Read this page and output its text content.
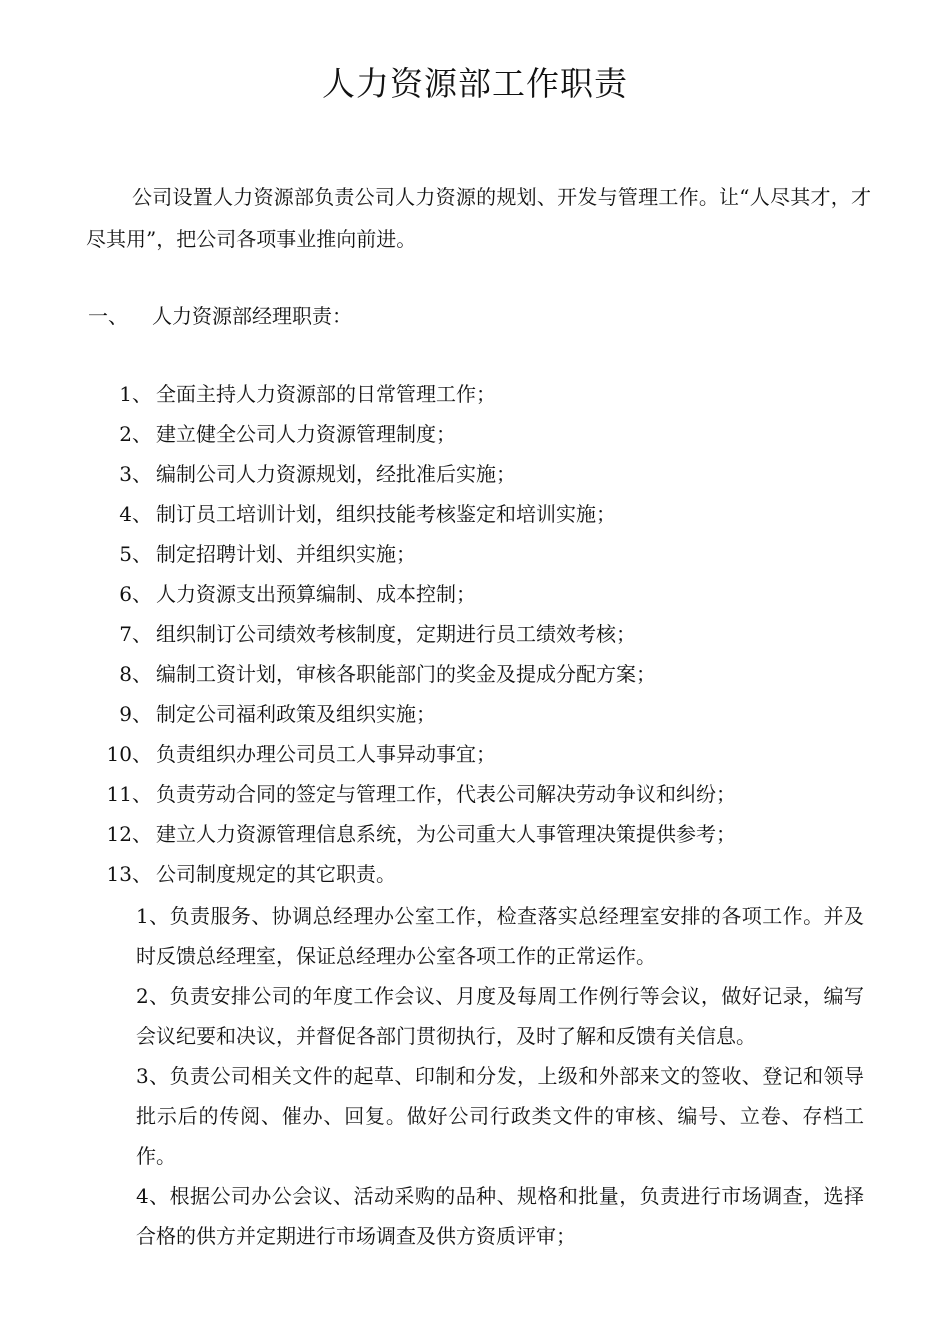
人力资源部工作职责

公司设置人力资源部负责公司人力资源的规划、开发与管理工作。让“人尽其才，才尽其用”，把公司各项事业推向前进。

一、 人力资源部经理职责：
1、 全面主持人力资源部的日常管理工作；
2、 建立健全公司人力资源管理制度；
3、 编制公司人力资源规划，经批准后实施；
4、 制订员工培训计划，组织技能考核鉴定和培训实施；
5、 制定招聘计划、并组织实施；
6、 人力资源支出预算编制、成本控制；
7、 组织制订公司绩效考核制度，定期进行员工绩效考核；
8、 编制工资计划，审核各职能部门的奖金及提成分配方案；
9、 制定公司福利政策及组织实施；
10、 负责组织办理公司员工人事异动事宜；
11、 负责劳动合同的签定与管理工作，代表公司解决劳动争议和纠纷；
12、 建立人力资源管理信息系统，为公司重大人事管理决策提供参考；
13、 公司制度规定的其它职责。

1、负责服务、协调总经理办公室工作，检查落实总经理室安排的各项工作。并及时反馈总经理室，保证总经理办公室各项工作的正常运作。

2、负责安排公司的年度工作会议、月度及每周工作例行等会议，做好记录，编写会议纪要和决议，并督促各部门贯彻执行，及时了解和反馈有关信息。

3、负责公司相关文件的起草、印制和分发，上级和外部来文的签收、登记和领导批示后的传阅、催办、回复。做好公司行政类文件的审核、编号、立卷、存档工作。

4、根据公司办公会议、活动采购的品种、规格和批量，负责进行市场调查，选择合格的供方并定期进行市场调查及供方资质评审；
